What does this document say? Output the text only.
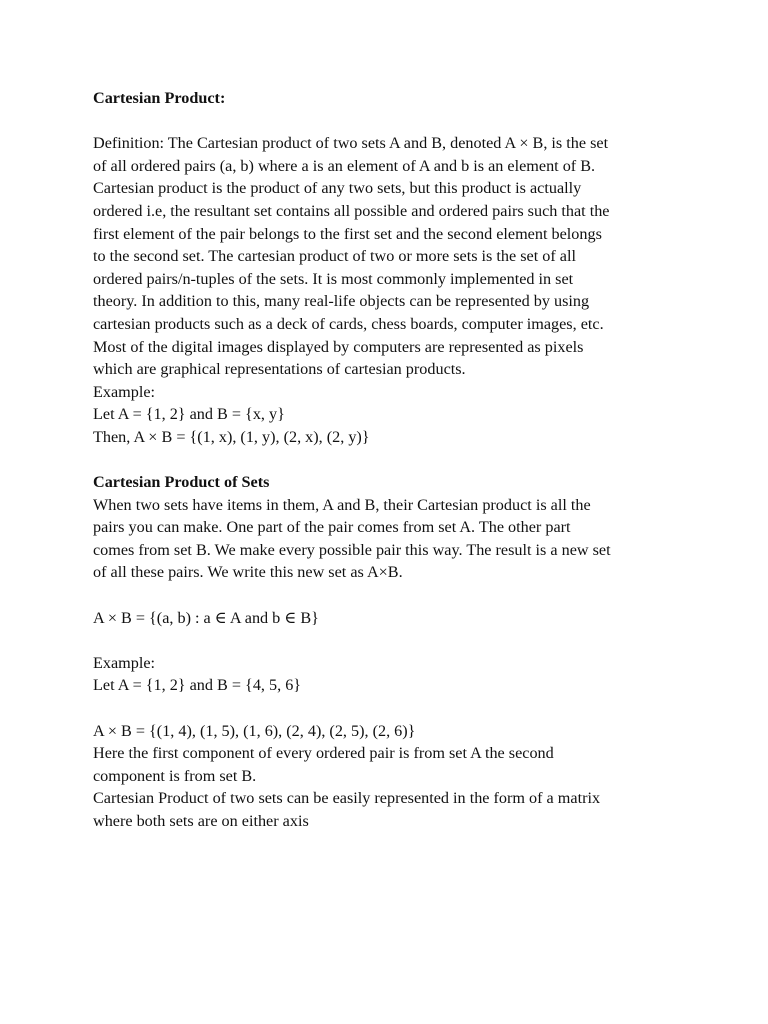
Cartesian Product:
Definition: The Cartesian product of two sets A and B, denoted A × B, is the set
of all ordered pairs (a, b) where a is an element of A and b is an element of B.
Cartesian product is the product of any two sets, but this product is actually
ordered i.e, the resultant set contains all possible and ordered pairs such that the
first element of the pair belongs to the first set and the second element belongs
to the second set. The cartesian product of two or more sets is the set of all
ordered pairs/n-tuples of the sets. It is most commonly implemented in set
theory. In addition to this, many real-life objects can be represented by using
cartesian products such as a deck of cards, chess boards, computer images, etc.
Most of the digital images displayed by computers are represented as pixels
which are graphical representations of cartesian products.
Example:
Let A = {1, 2} and B = {x, y}
Then, A × B = {(1, x), (1, y), (2, x), (2, y)}
Cartesian Product of Sets
When two sets have items in them, A and B, their Cartesian product is all the
pairs you can make. One part of the pair comes from set A. The other part
comes from set B. We make every possible pair this way. The result is a new set
of all these pairs. We write this new set as A×B.
A × B = {(a, b) : a ∈ A and b ∈ B}
Example:
Let A = {1, 2} and B = {4, 5, 6}
A × B = {(1, 4), (1, 5), (1, 6), (2, 4), (2, 5), (2, 6)}
Here the first component of every ordered pair is from set A the second
component is from set B.
Cartesian Product of two sets can be easily represented in the form of a matrix
where both sets are on either axis
